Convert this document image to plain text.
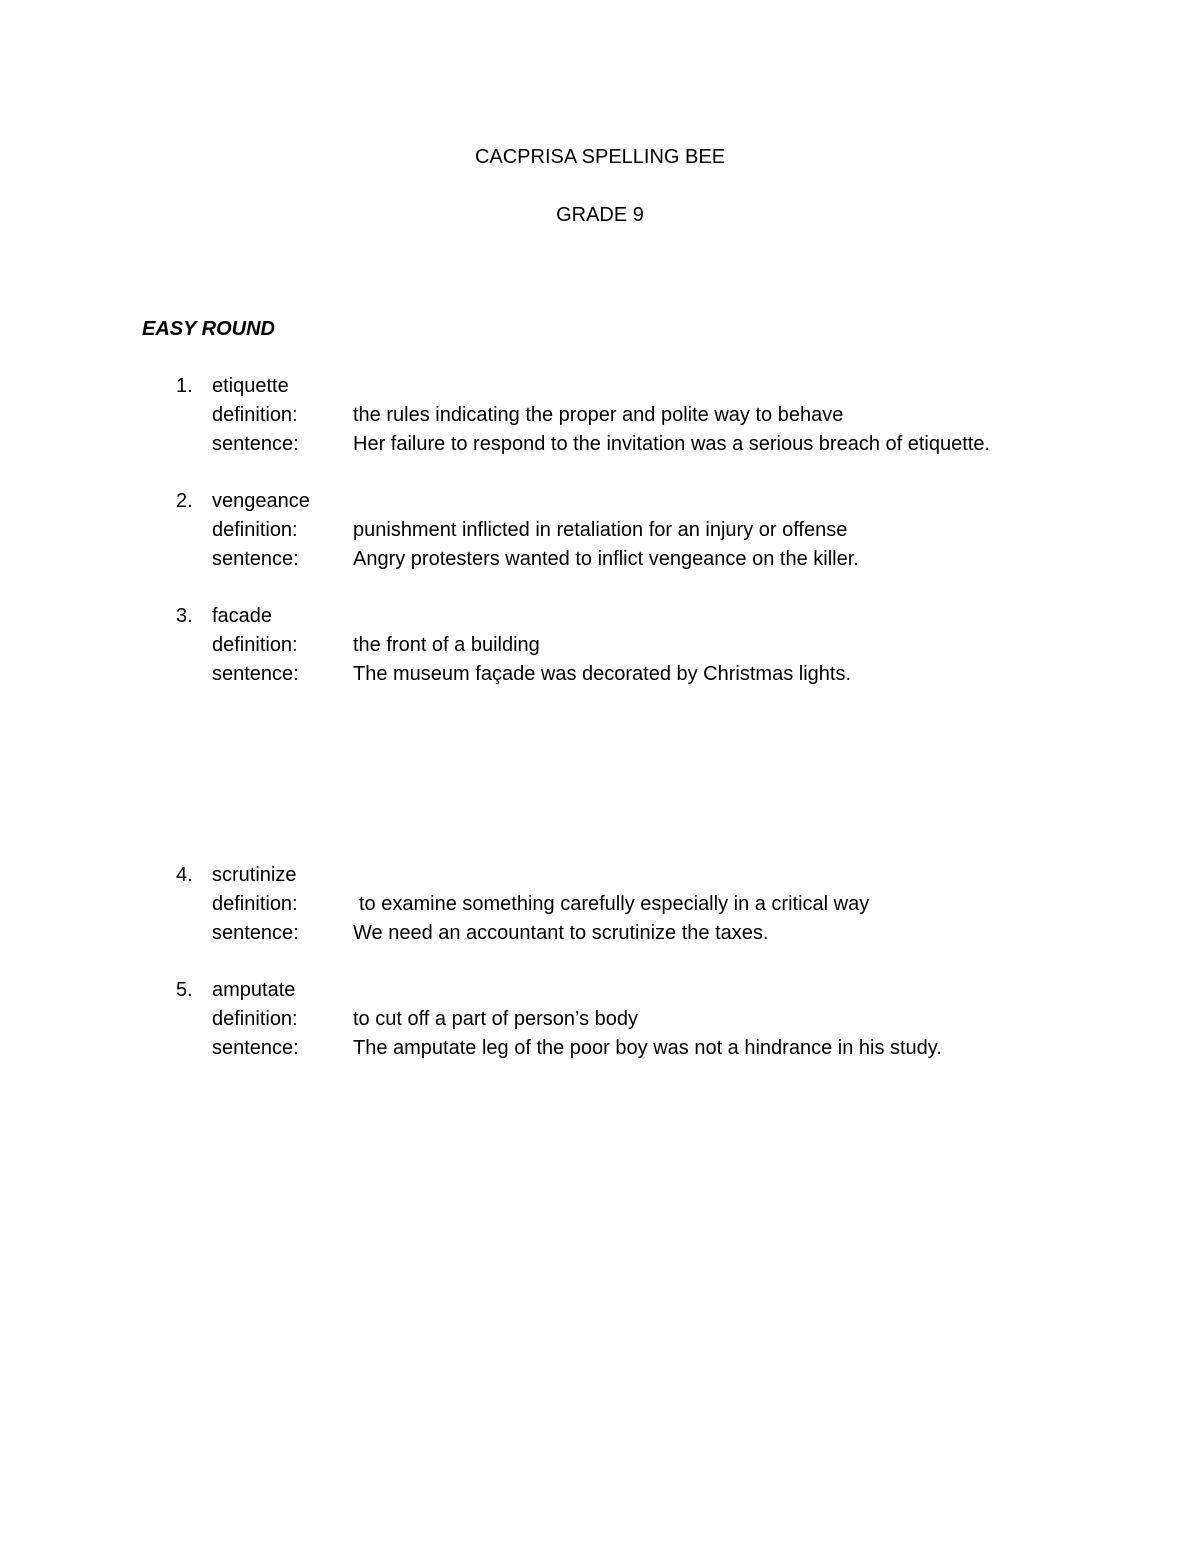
CACPRISA SPELLING BEE
GRADE 9
EASY ROUND
1. etiquette
definition:	the rules indicating the proper and polite way to behave
sentence:	Her failure to respond to the invitation was a serious breach of etiquette.
2. vengeance
definition:	punishment inflicted in retaliation for an injury or offense
sentence:	Angry protesters wanted to inflict vengeance on the killer.
3. facade
definition:	the front of a building
sentence:	The museum façade was decorated by Christmas lights.
4. scrutinize
definition:	to examine something carefully especially in a critical way
sentence:	We need an accountant to scrutinize the taxes.
5. amputate
definition:	to cut off a part of person’s body
sentence:	The amputate leg of the poor boy was not a hindrance in his study.
